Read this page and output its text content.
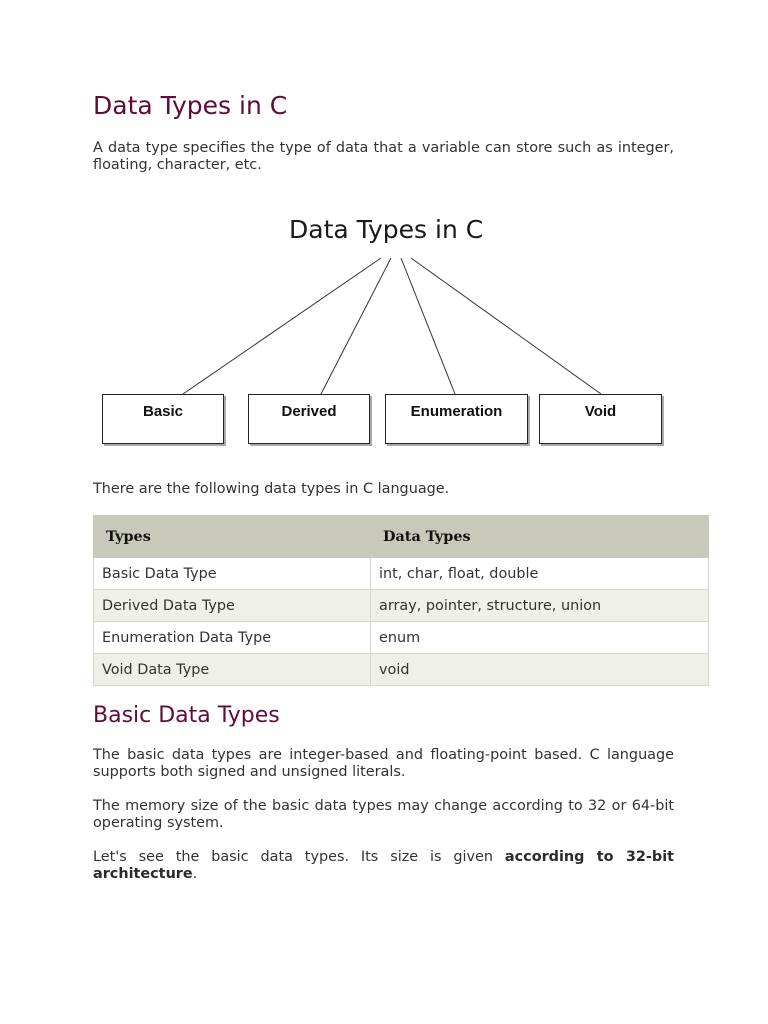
Data Types in C

A data type specifies the type of data that a variable can store such as integer, floating, character, etc.

Data Types in C
Basic	Derived	Enumeration	Void

There are the following data types in C language.

Types	Data Types
Basic Data Type	int, char, float, double
Derived Data Type	array, pointer, structure, union
Enumeration Data Type	enum
Void Data Type	void
Basic Data Types

The basic data types are integer-based and floating-point based. C language supports both signed and unsigned literals.

The memory size of the basic data types may change according to 32 or 64-bit operating system.

Let's see the basic data types. Its size is given according to 32-bit architecture.
